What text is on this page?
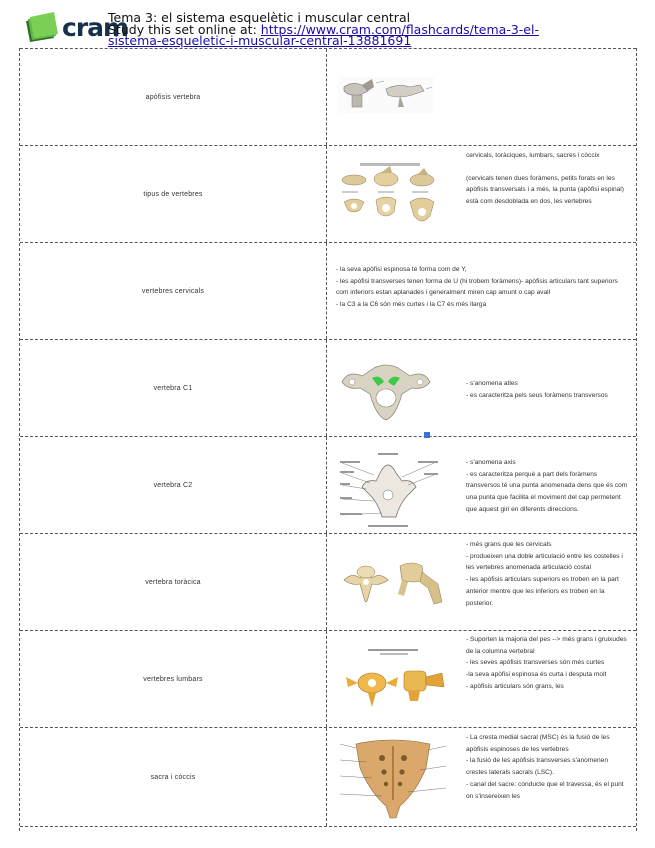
cram
Tema 3: el sistema esquelètic i muscular central
Study this set online at: https://www.cram.com/flashcards/tema-3-el-sistema-esqueletic-i-muscular-central-13881691
apòfisis vertebra
tipus de vertebres

cervicals, toràciques, lumbars, sacres i còccix

(cervicals tenen dues foràmens, petits forats en les apòfisis transversals i a més, la punta (apòfisi espinal) està com desdoblada en dos, les vertebres

vertebres cervicals

- la seva apòfisi espinosa té forma com de Y,

- les apòfisi transverses tenen forma de U (hi trobem foràmens)- apòfisis articulars tant superiors com inferiors estan aplanades i generalment miren cap amunt o cap avall

- la C3 a la C6 són més curtes i la C7 és més llarga

vertebra C1

- s'anomena atles

- es caracteritza pels seus foràmens transversos

vertebra C2

- s'anomena axis

- es caracteritza perquè a part dels foràmens transversos té una punta anomenada dens que és com una punta que facilita el moviment del cap permetent que aquest giri en diferents direccions.

vertebra toràcica

- més grans que les cervicals

- produeixen una doble articulació entre les costelles i les vertebres anomenada articulació costal

- les apòfisis articulars superiors es troben en la part anterior mentre que les inferiors es troben en la posterior.

vertebres lumbars

- Suporten la majoria del pes --> més grans i gruixudes de la columna vertebral

- les seves apòfisis transverses són més curtes

-la seva apòfisi espinosa és curta i desputa molt

- apòfisis articulars són grans, les

sacra i còccis

- La cresta medial sacral (MSC) és la fusió de les apòfisis espinoses de les vertebres

- la fusió de les apòfisis transverses s'anomenen crestes laterals sacrals (LSC).

- canal del sacre: conducte que el travessa, és el punt on s'insereixen les
